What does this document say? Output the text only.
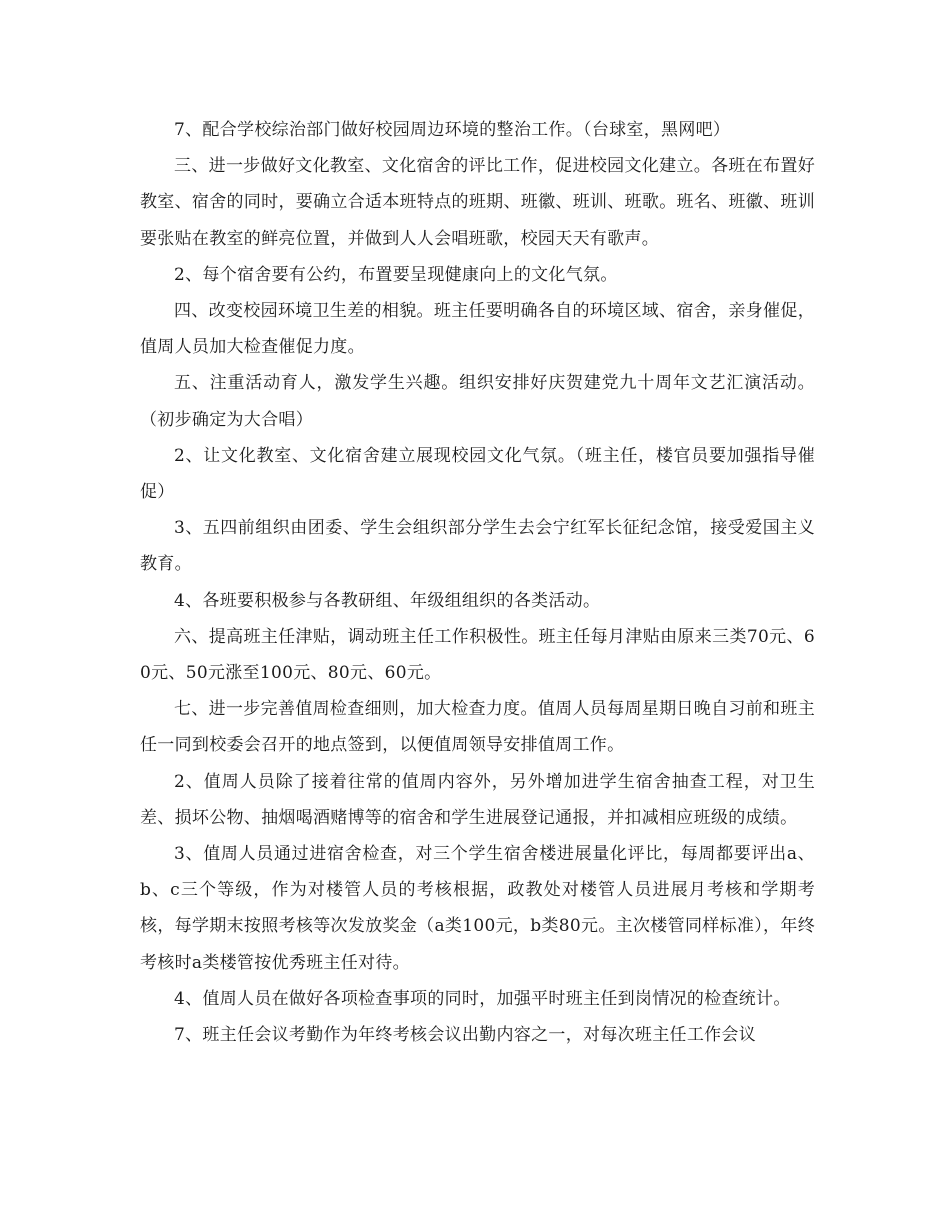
7、配合学校综治部门做好校园周边环境的整治工作。（台球室，黑网吧）

三、进一步做好文化教室、文化宿舍的评比工作，促进校园文化建立。各班在布置好教室、宿舍的同时，要确立合适本班特点的班期、班徽、班训、班歌。班名、班徽、班训要张贴在教室的鲜亮位置，并做到人人会唱班歌，校园天天有歌声。

2、每个宿舍要有公约，布置要呈现健康向上的文化气氛。

四、改变校园环境卫生差的相貌。班主任要明确各自的环境区域、宿舍，亲身催促，值周人员加大检查催促力度。

五、注重活动育人，激发学生兴趣。组织安排好庆贺建党九十周年文艺汇演活动。（初步确定为大合唱）

2、让文化教室、文化宿舍建立展现校园文化气氛。（班主任，楼官员要加强指导催促）

3、五四前组织由团委、学生会组织部分学生去会宁红军长征纪念馆，接受爱国主义教育。

4、各班要积极参与各教研组、年级组组织的各类活动。

六、提高班主任津贴，调动班主任工作积极性。班主任每月津贴由原来三类70元、60元、50元涨至100元、80元、60元。

七、进一步完善值周检查细则，加大检查力度。值周人员每周星期日晚自习前和班主任一同到校委会召开的地点签到，以便值周领导安排值周工作。

2、值周人员除了接着往常的值周内容外，另外增加进学生宿舍抽查工程，对卫生差、损坏公物、抽烟喝酒赌博等的宿舍和学生进展登记通报，并扣减相应班级的成绩。

3、值周人员通过进宿舍检查，对三个学生宿舍楼进展量化评比，每周都要评出a、b、c三个等级，作为对楼管人员的考核根据，政教处对楼管人员进展月考核和学期考核，每学期末按照考核等次发放奖金（a类100元，b类80元。主次楼管同样标准），年终考核时a类楼管按优秀班主任对待。

4、值周人员在做好各项检查事项的同时，加强平时班主任到岗情况的检查统计。

7、班主任会议考勤作为年终考核会议出勤内容之一，对每次班主任工作会议
